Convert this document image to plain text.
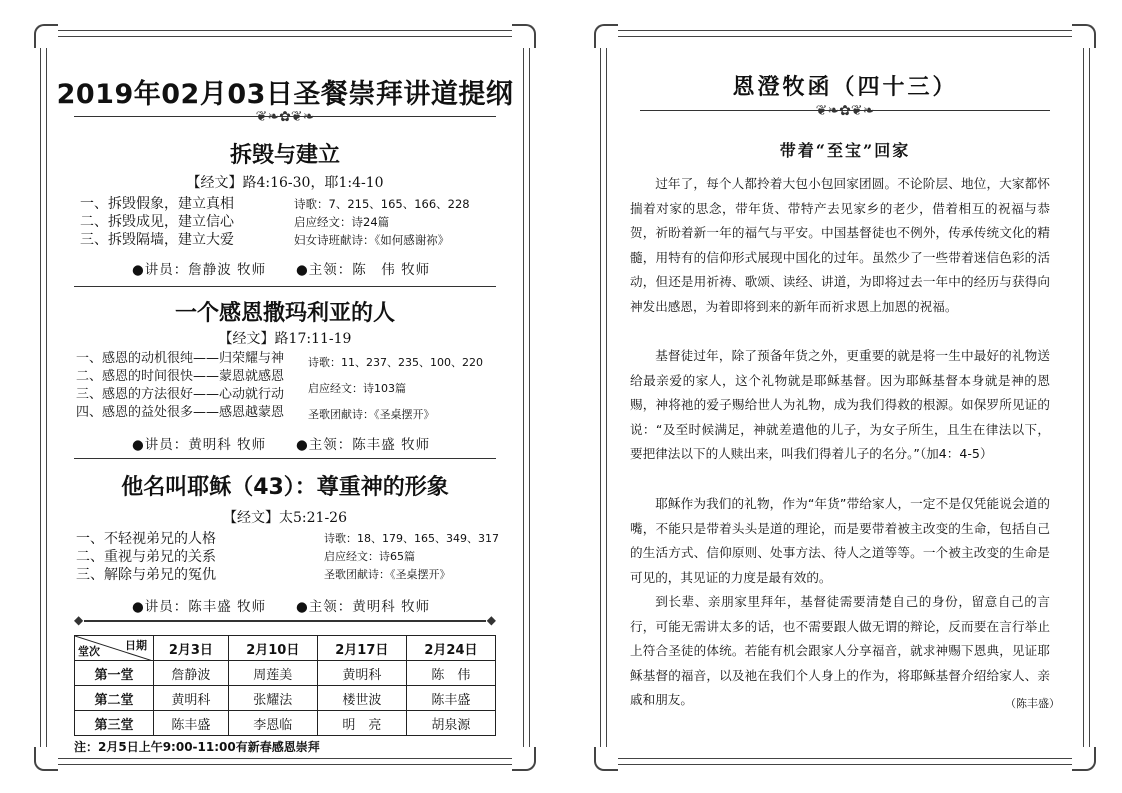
2019年02月03日圣餐崇拜讲道提纲
❦❧✿❦❧
拆毁与建立
【经文】路4:16-30，耶1:4-10
一、拆毁假象，建立真相
二、拆毁成见，建立信心
三、拆毁隔墙，建立大爱
诗歌：7、215、165、166、228
启应经文：诗24篇
妇女诗班献诗：《如何感谢祢》
●讲员：詹静波 牧师 ●主领：陈　伟 牧师
一个感恩撒玛利亚的人
【经文】路17:11-19
一、感恩的动机很纯——归荣耀与神
二、感恩的时间很快——蒙恩就感恩
三、感恩的方法很好——心动就行动
四、感恩的益处很多——感恩越蒙恩
诗歌：11、237、235、100、220
启应经文：诗103篇
圣歌团献诗：《圣桌摆开》
●讲员：黄明科 牧师 ●主领：陈丰盛 牧师
他名叫耶稣（43）：尊重神的形象
【经文】太5:21-26
一、不轻视弟兄的人格
二、重视与弟兄的关系
三、解除与弟兄的冤仇
诗歌：18、179、165、349、317
启应经文：诗65篇
圣歌团献诗：《圣桌摆开》
●讲员：陈丰盛 牧师 ●主领：黄明科 牧师
◆	◆
日期
堂次	2月3日	2月10日	2月17日	2月24日
第一堂	詹静波	周莲美	黄明科	陈　伟
第二堂	黄明科	张耀法	楼世波	陈丰盛
第三堂	陈丰盛	李恩临	明　亮	胡泉源
注：2月5日上午9:00-11:00有新春感恩崇拜
恩澄牧函（四十三）
❦❧✿❦❧
带着“至宝”回家
过年了，每个人都拎着大包小包回家团圆。不论阶层、地位，大家都怀揣着对家的思念，带年货、带特产去见家乡的老少，借着相互的祝福与恭贺，祈盼着新一年的福气与平安。中国基督徒也不例外，传承传统文化的精髓，用特有的信仰形式展现中国化的过年。虽然少了一些带着迷信色彩的活动，但还是用祈祷、歌颂、读经、讲道，为即将过去一年中的经历与获得向神发出感恩，为着即将到来的新年而祈求恩上加恩的祝福。
基督徒过年，除了预备年货之外，更重要的就是将一生中最好的礼物送给最亲爱的家人，这个礼物就是耶稣基督。因为耶稣基督本身就是神的恩赐，神将祂的爱子赐给世人为礼物，成为我们得救的根源。如保罗所见证的说：“及至时候满足，神就差遣他的儿子，为女子所生，且生在律法以下，要把律法以下的人赎出来，叫我们得着儿子的名分。”（加4：4-5）
耶稣作为我们的礼物，作为“年货”带给家人，一定不是仅凭能说会道的嘴，不能只是带着头头是道的理论，而是要带着被主改变的生命，包括自己的生活方式、信仰原则、处事方法、待人之道等等。一个被主改变的生命是可见的，其见证的力度是最有效的。
到长辈、亲朋家里拜年，基督徒需要清楚自己的身份，留意自己的言行，可能无需讲太多的话，也不需要跟人做无谓的辩论，反而要在言行举止上符合圣徒的体统。若能有机会跟家人分享福音，就求神赐下恩典，见证耶稣基督的福音，以及祂在我们个人身上的作为，将耶稣基督介绍给家人、亲戚和朋友。	（陈丰盛）
